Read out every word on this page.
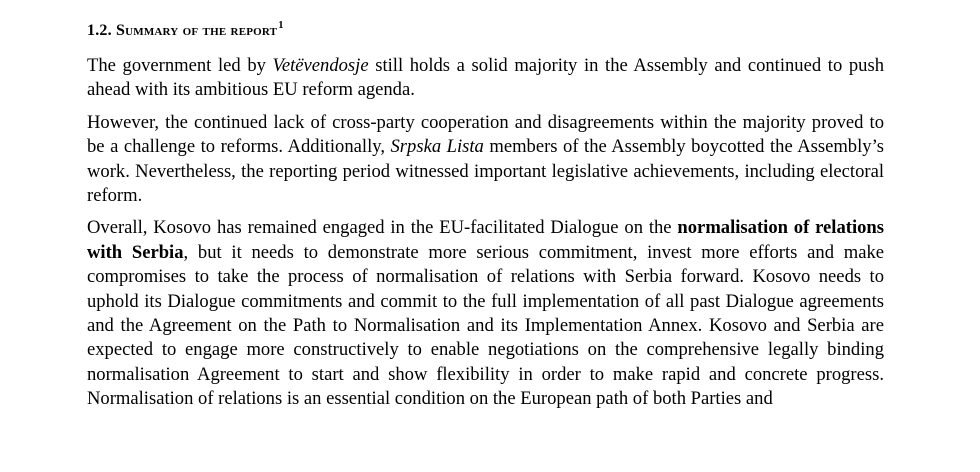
1.2. Summary of the report$^1$

The government led by Vetëvendosje still holds a solid majority in the Assembly and continued to push ahead with its ambitious EU reform agenda.

However, the continued lack of cross-party cooperation and disagreements within the majority proved to be a challenge to reforms. Additionally, Srpska Lista members of the Assembly boycotted the Assembly’s work. Nevertheless, the reporting period witnessed important legislative achievements, including electoral reform.

Overall, Kosovo has remained engaged in the EU-facilitated Dialogue on the normalisation of relations with Serbia, but it needs to demonstrate more serious commitment, invest more efforts and make compromises to take the process of normalisation of relations with Serbia forward. Kosovo needs to uphold its Dialogue commitments and commit to the full implementation of all past Dialogue agreements and the Agreement on the Path to Normalisation and its Implementation Annex. Kosovo and Serbia are expected to engage more constructively to enable negotiations on the comprehensive legally binding normalisation Agreement to start and show flexibility in order to make rapid and concrete progress. Normalisation of relations is an essential condition on the European path of both Parties and
